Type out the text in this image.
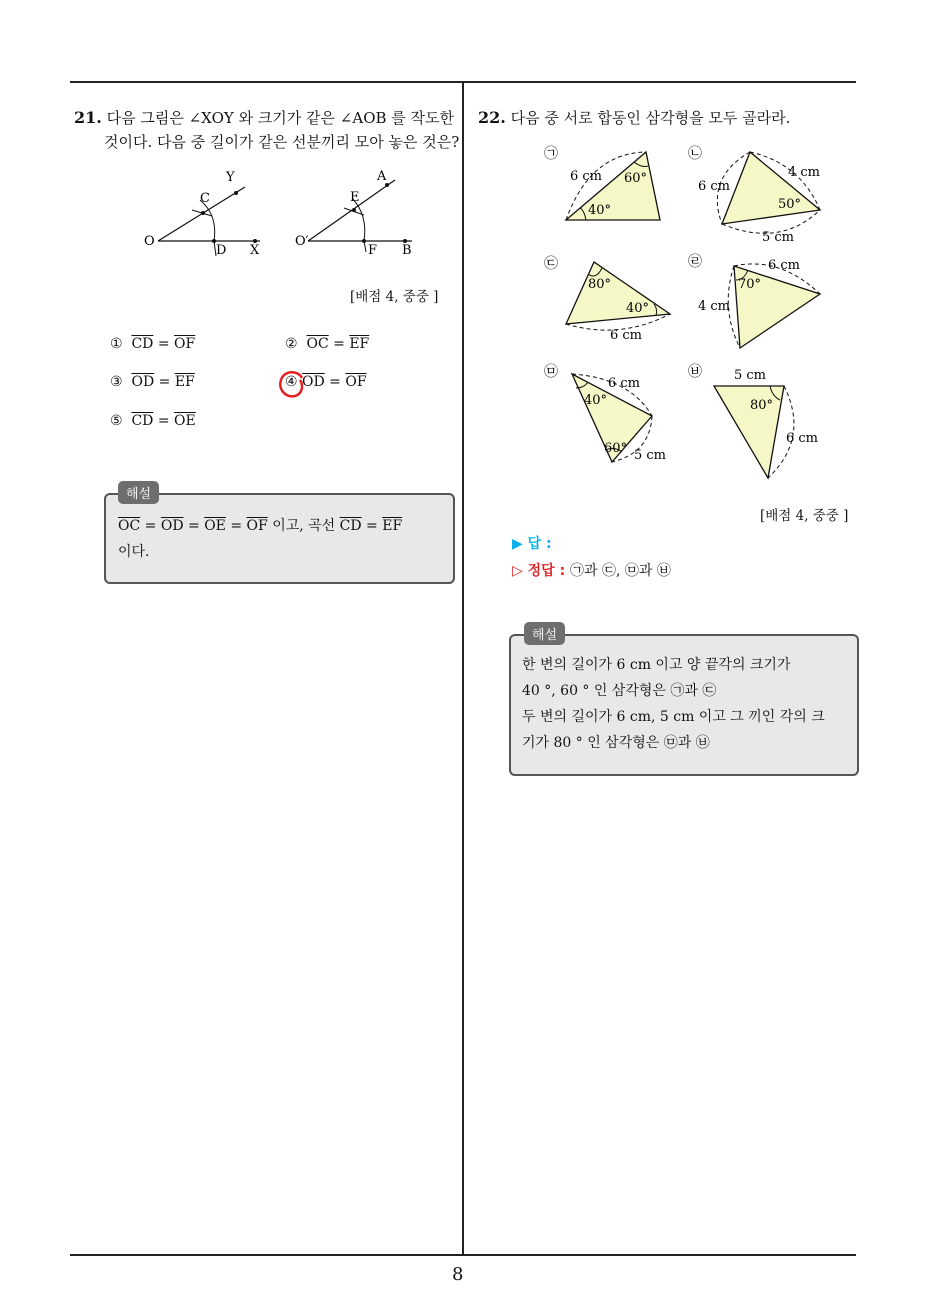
21. 다음 그림은 ∠XOY 와 크기가 같은 ∠AOB 를 작도한
것이다. 다음 중 길이가 같은 선분끼리 모아 놓은 것은?
O
C
Y
D X
O′
E
A
F B
[배점 4, 중중 ]
① $\overline{CD} = \overline{OF}$	② $\overline{OC} = \overline{EF}$
③ $\overline{OD} = \overline{EF}$	④ $\overline{OD} = \overline{OF}$
⑤ $\overline{CD} = \overline{OE}$
해설
$\overline{OC} = \overline{OD} = \overline{OE} = \overline{OF}$ 이고, 곡선 $\overline{CD} = \overline{EF}$
이다.
22. 다음 중 서로 합동인 삼각형을 모두 골라라.
㉠
6 cm 60°
40°
㉡
4 cm
6 cm
50°
5 cm
㉢
80°
40°
6 cm
㉣	6 cm
70°
4 cm
㉤
6 cm
40°
60° 5 cm
㉥ 5 cm
80°
6 cm
[배점 4, 중중 ]
▶ 답 :
▷ 정답 : ㉠과 ㉢, ㉤과 ㉥
해설
한 변의 길이가 6 cm 이고 양 끝각의 크기가
40 °, 60 ° 인 삼각형은 ㉠과 ㉢
두 변의 길이가 6 cm, 5 cm 이고 그 끼인 각의 크
기가 80 ° 인 삼각형은 ㉤과 ㉥
8
